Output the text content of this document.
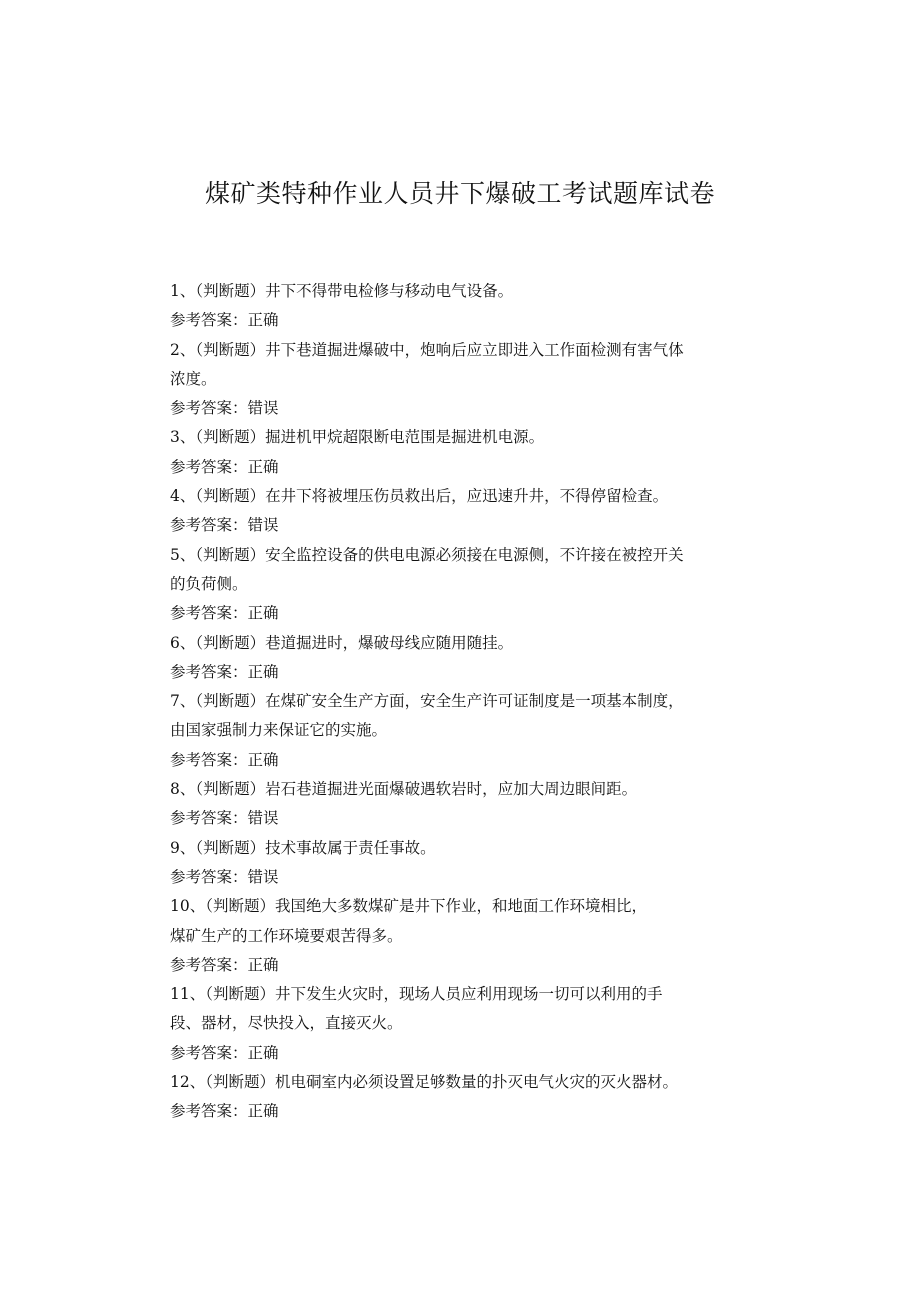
煤矿类特种作业人员井下爆破工考试题库试卷
1、（判断题）井下不得带电检修与移动电气设备。
参考答案：正确
2、（判断题）井下巷道掘进爆破中，炮响后应立即进入工作面检测有害气体
浓度。
参考答案：错误
3、（判断题）掘进机甲烷超限断电范围是掘进机电源。
参考答案：正确
4、（判断题）在井下将被埋压伤员救出后，应迅速升井，不得停留检查。
参考答案：错误
5、（判断题）安全监控设备的供电电源必须接在电源侧，不许接在被控开关
的负荷侧。
参考答案：正确
6、（判断题）巷道掘进时，爆破母线应随用随挂。
参考答案：正确
7、（判断题）在煤矿安全生产方面，安全生产许可证制度是一项基本制度，
由国家强制力来保证它的实施。
参考答案：正确
8、（判断题）岩石巷道掘进光面爆破遇软岩时，应加大周边眼间距。
参考答案：错误
9、（判断题）技术事故属于责任事故。
参考答案：错误
10、（判断题）我国绝大多数煤矿是井下作业，和地面工作环境相比，
煤矿生产的工作环境要艰苦得多。
参考答案：正确
11、（判断题）井下发生火灾时，现场人员应利用现场一切可以利用的手
段、器材，尽快投入，直接灭火。
参考答案：正确
12、（判断题）机电硐室内必须设置足够数量的扑灭电气火灾的灭火器材。
参考答案：正确
